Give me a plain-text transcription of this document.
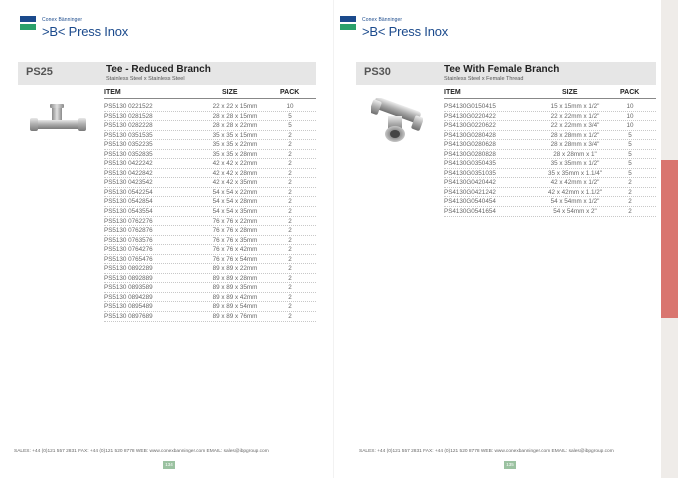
Conex Bänninger
>B< Press Inox
PS25	Tee - Reduced Branch
Stainless Steel x Stainless Steel
ITEM	SIZE	PACK
PS5130 0221522	22 x 22 x 15mm	10
PS5130 0281528	28 x 28 x 15mm	5
PS5130 0282228	28 x 28 x 22mm	5
PS5130 0351535	35 x 35 x 15mm	2
PS5130 0352235	35 x 35 x 22mm	2
PS5130 0352835	35 x 35 x 28mm	2
PS5130 0422242	42 x 42 x 22mm	2
PS5130 0422842	42 x 42 x 28mm	2
PS5130 0423542	42 x 42 x 35mm	2
PS5130 0542254	54 x 54 x 22mm	2
PS5130 0542854	54 x 54 x 28mm	2
PS5130 0543554	54 x 54 x 35mm	2
PS5130 0762276	76 x 76 x 22mm	2
PS5130 0762876	76 x 76 x 28mm	2
PS5130 0763576	76 x 76 x 35mm	2
PS5130 0764276	76 x 76 x 42mm	2
PS5130 0765476	76 x 76 x 54mm	2
PS5130 0892289	89 x 89 x 22mm	2
PS5130 0892889	89 x 89 x 28mm	2
PS5130 0893589	89 x 89 x 35mm	2
PS5130 0894289	89 x 89 x 42mm	2
PS5130 0895489	89 x 89 x 54mm	2
PS5130 0897689	89 x 89 x 76mm	2
SALES: +44 (0)121 557 2831 FAX: +44 (0)121 520 8778 WEB: www.conexbanninger.com EMAIL: sales@ibpgroup.com
134
Conex Bänninger
>B< Press Inox
PS30	Tee With Female Branch
Stainless Steel x Female Thread
ITEM	SIZE	PACK
PS4130G0150415	15 x 15mm x 1/2"	10
PS4130G0220422	22 x 22mm x 1/2"	10
PS4130G0220622	22 x 22mm x 3/4"	10
PS4130G0280428	28 x 28mm x 1/2"	5
PS4130G0280628	28 x 28mm x 3/4"	5
PS4130G0280828	28 x 28mm x 1"	5
PS4130G0350435	35 x 35mm x 1/2"	5
PS4130G0351035	35 x 35mm x 1.1/4"	5
PS4130G0420442	42 x 42mm x 1/2"	2
PS4130G0421242	42 x 42mm x 1.1/2"	2
PS4130G0540454	54 x 54mm x 1/2"	2
PS4130G0541654	54 x 54mm x 2"	2
SALES: +44 (0)121 557 2831 FAX: +44 (0)121 520 8778 WEB: www.conexbanninger.com EMAIL: sales@ibpgroup.com
135
